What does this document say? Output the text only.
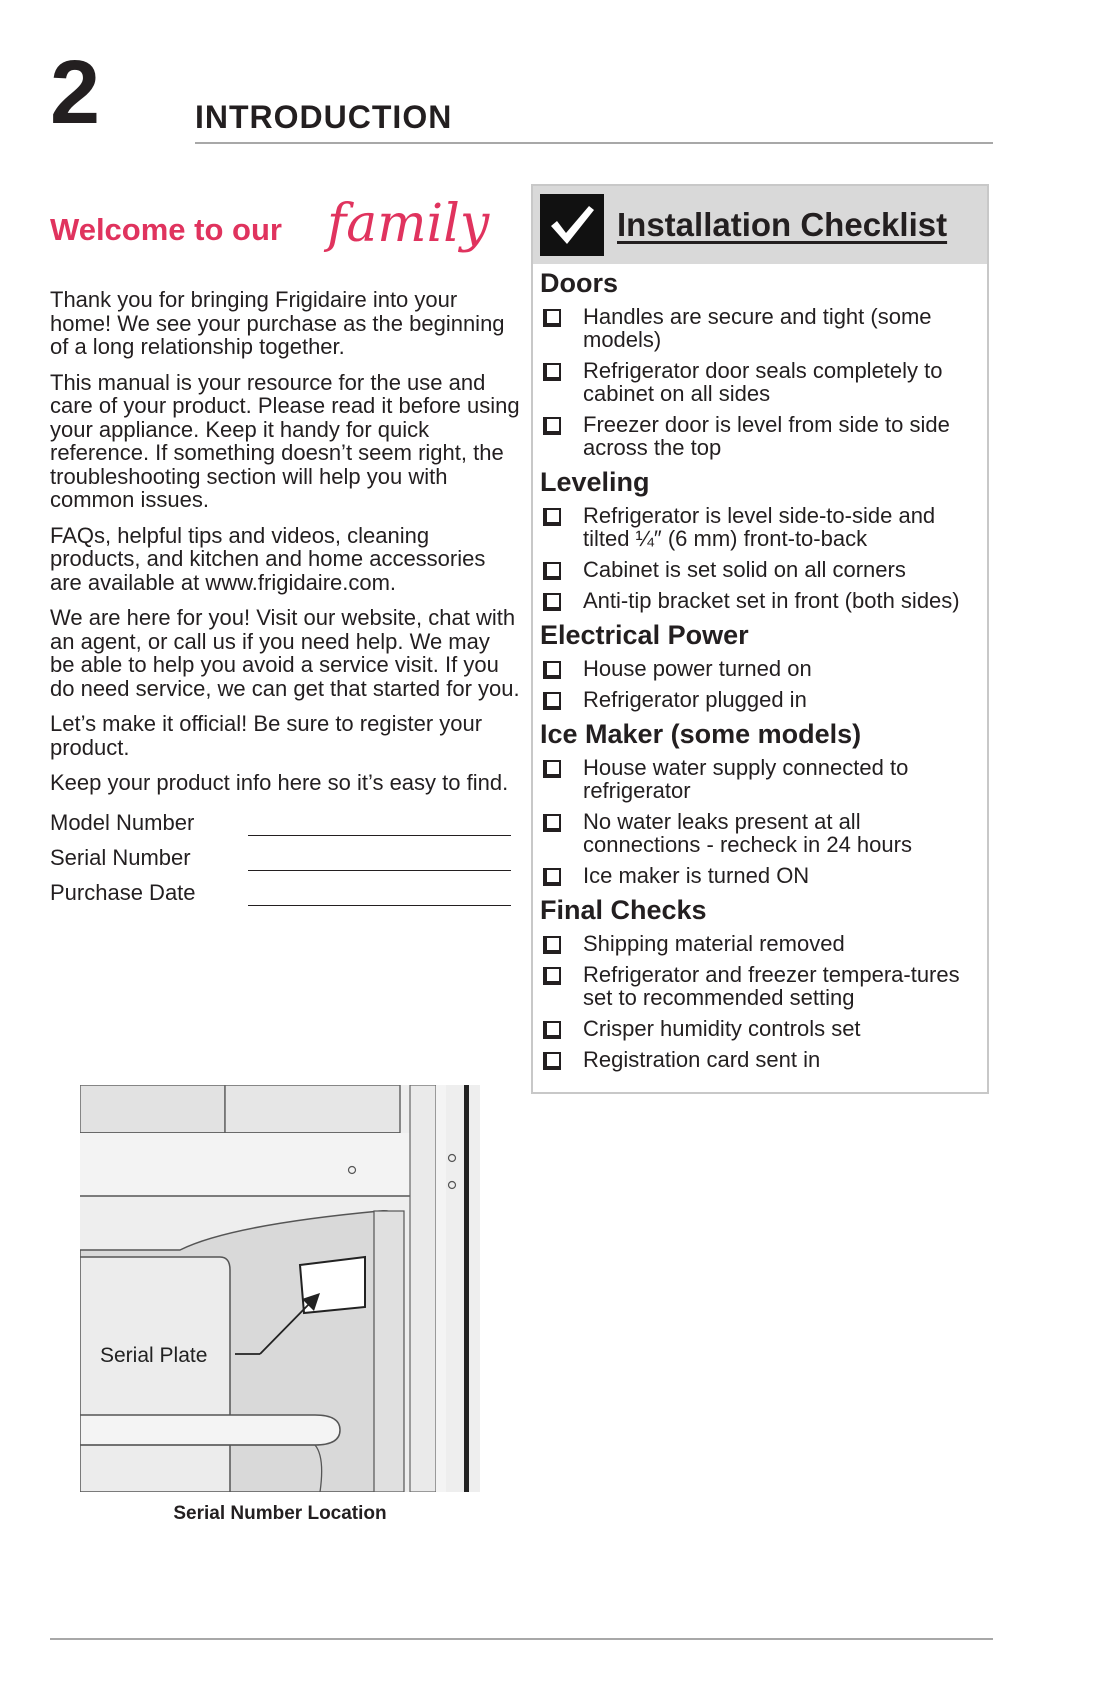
2	INTRODUCTION
Welcome to our family

Thank you for bringing Frigidaire into your home! We see your purchase as the beginning of a long relationship together.

This manual is your resource for the use and care of your product. Please read it before using your appliance. Keep it handy for quick reference. If something doesn’t seem right, the troubleshooting section will help you with common issues.

FAQs, helpful tips and videos, cleaning products, and kitchen and home accessories are available at www.frigidaire.com.

We are here for you! Visit our website, chat with an agent, or call us if you need help. We may be able to help you avoid a service visit. If you do need service, we can get that started for you.

Let’s make it official! Be sure to register your product.

Keep your product info here so it’s easy to find.

Model Number
Serial Number
Purchase Date
Serial Plate
Serial Number Location
Installation Checklist
Doors
Handles are secure and tight (some models)
Refrigerator door seals completely to cabinet on all sides
Freezer door is level from side to side across the top
Leveling
Refrigerator is level side-to-side and tilted ¼″ (6 mm) front-to-back
Cabinet is set solid on all corners
Anti-tip bracket set in front (both sides)
Electrical Power
House power turned on
Refrigerator plugged in
Ice Maker (some models)
House water supply connected to refrigerator
No water leaks present at all connections - recheck in 24 hours
Ice maker is turned ON
Final Checks
Shipping material removed
Refrigerator and freezer tempera-tures set to recommended setting
Crisper humidity controls set
Registration card sent in
